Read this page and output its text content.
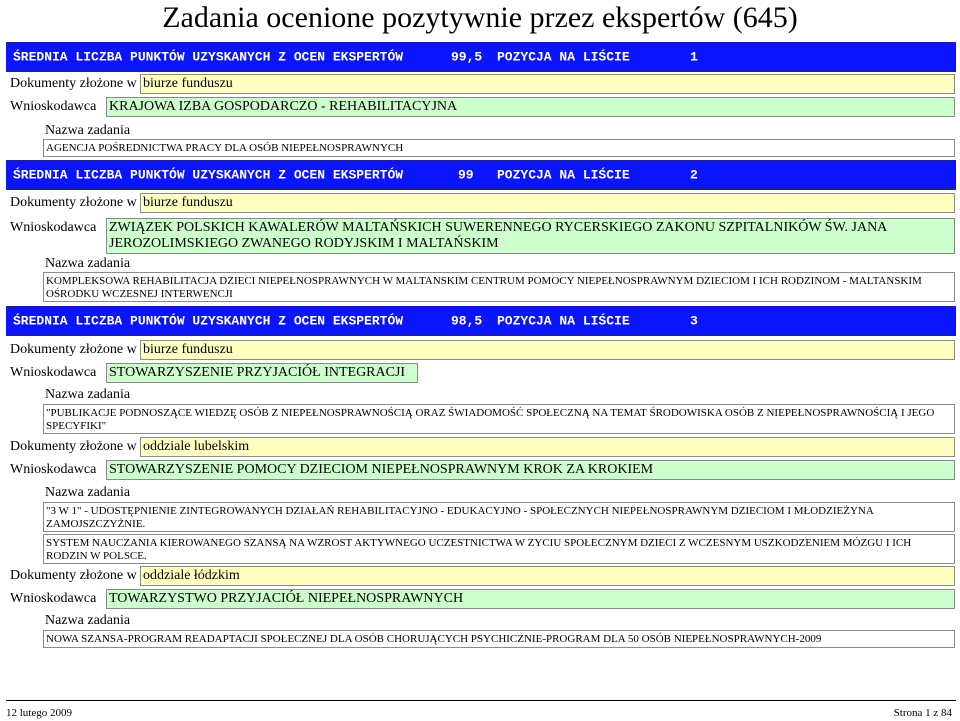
Zadania ocenione pozytywnie przez ekspertów (645)
ŚREDNIA LICZBA PUNKTÓW UZYSKANYCH Z OCEN EKSPERTÓW	99,5 POZYCJA NA LIŚCIE	1
Dokumenty złożone w biurze funduszu
Wnioskodawca KRAJOWA IZBA GOSPODARCZO - REHABILITACYJNA
Nazwa zadania
AGENCJA POŚREDNICTWA PRACY DLA OSÓB NIEPEŁNOSPRAWNYCH
ŚREDNIA LICZBA PUNKTÓW UZYSKANYCH Z OCEN EKSPERTÓW	99 POZYCJA NA LIŚCIE	2
Dokumenty złożone w biurze funduszu
Wnioskodawca ZWIĄZEK POLSKICH KAWALERÓW MALTAŃSKICH SUWERENNEGO RYCERSKIEGO ZAKONU SZPITALNIKÓW ŚW. JANA
JEROZOLIMSKIEGO ZWANEGO RODYJSKIM I MALTAŃSKIM
Nazwa zadania
KOMPLEKSOWA REHABILITACJA DZIECI NIEPEŁNOSPRAWNYCH W MALTANSKIM CENTRUM POMOCY NIEPEŁNOSPRAWNYM DZIECIOM I ICH RODZINOM - MALTANSKIM
OŚRODKU WCZESNEJ INTERWENCJI
ŚREDNIA LICZBA PUNKTÓW UZYSKANYCH Z OCEN EKSPERTÓW	98,5 POZYCJA NA LIŚCIE	3
Dokumenty złożone w biurze funduszu
Wnioskodawca STOWARZYSZENIE PRZYJACIÓŁ INTEGRACJI
Nazwa zadania
"PUBLIKACJE PODNOSZĄCE WIEDZĘ OSÓB Z NIEPEŁNOSPRAWNOŚCIĄ ORAZ ŚWIADOMOŚĆ SPOŁECZNĄ NA TEMAT ŚRODOWISKA OSÓB Z NIEPEŁNOSPRAWNOŚCIĄ I JEGO
SPECYFIKI"
Dokumenty złożone w oddziale lubelskim
Wnioskodawca STOWARZYSZENIE POMOCY DZIECIOM NIEPEŁNOSPRAWNYM KROK ZA KROKIEM
Nazwa zadania
"3 W 1" - UDOSTĘPNIENIE ZINTEGROWANYCH DZIAŁAŃ REHABILITACYJNO - EDUKACYJNO - SPOŁECZNYCH NIEPEŁNOSPRAWNYM DZIECIOM I MŁODZIEŻYNA
ZAMOJSZCZYŻNIE.
SYSTEM NAUCZANIA KIEROWANEGO SZANSĄ NA WZROST AKTYWNEGO UCZESTNICTWA W ZYCIU SPOŁECZNYM DZIECI Z WCZESNYM USZKODZENIEM MÓZGU I ICH
RODZIN W POLSCE.
Dokumenty złożone w oddziale łódzkim
Wnioskodawca TOWARZYSTWO PRZYJACIÓŁ NIEPEŁNOSPRAWNYCH
Nazwa zadania
NOWA SZANSA-PROGRAM READAPTACJI SPOŁECZNEJ DLA OSÓB CHORUJĄCYCH PSYCHICZNIE-PROGRAM DLA 50 OSÓB NIEPEŁNOSPRAWNYCH-2009
12 lutego 2009	Strona 1 z 84
